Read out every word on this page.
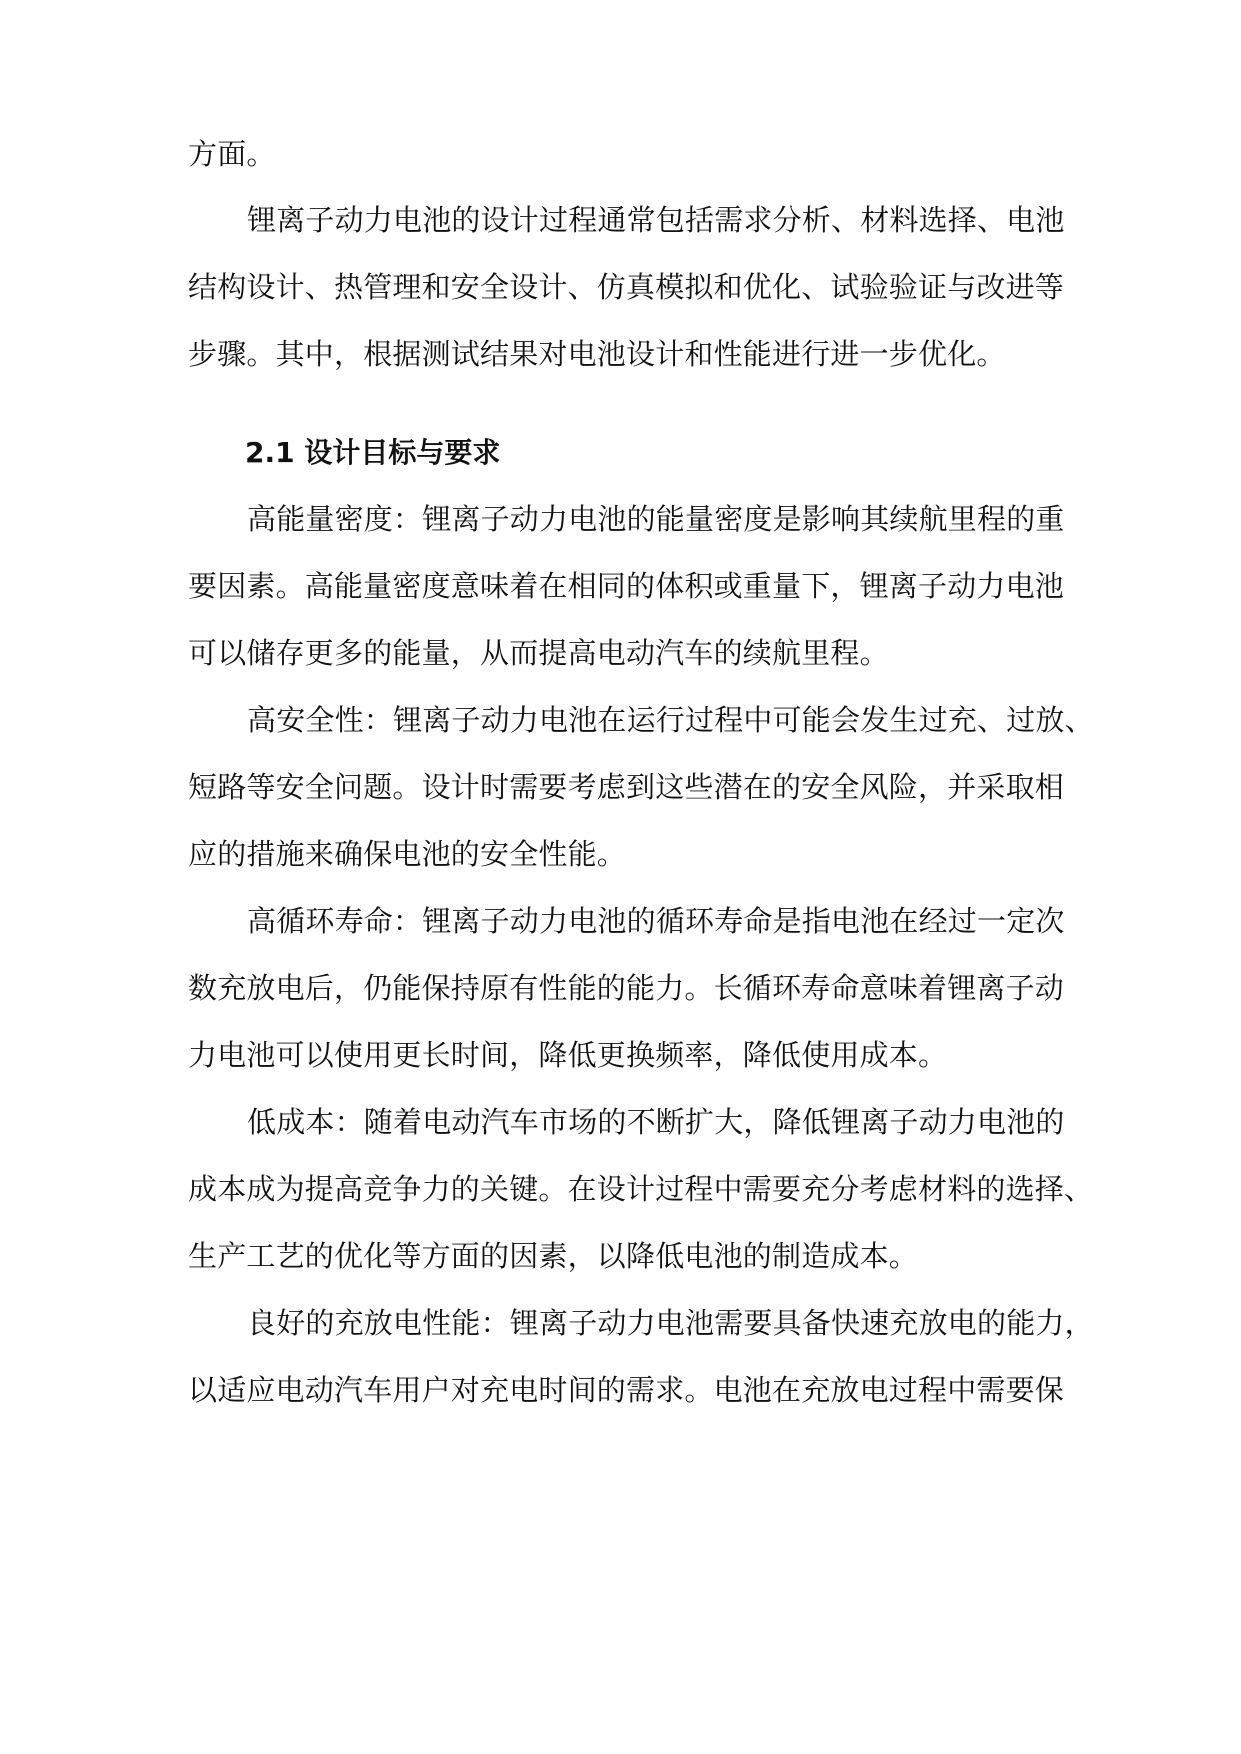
方面。
锂离子动力电池的设计过程通常包括需求分析、材料选择、电池
结构设计、热管理和安全设计、仿真模拟和优化、试验验证与改进等
步骤。其中，根据测试结果对电池设计和性能进行进一步优化。
2.1 设计目标与要求
高能量密度：锂离子动力电池的能量密度是影响其续航里程的重
要因素。高能量密度意味着在相同的体积或重量下，锂离子动力电池
可以储存更多的能量，从而提高电动汽车的续航里程。
高安全性：锂离子动力电池在运行过程中可能会发生过充、过放、
短路等安全问题。设计时需要考虑到这些潜在的安全风险，并采取相
应的措施来确保电池的安全性能。
高循环寿命：锂离子动力电池的循环寿命是指电池在经过一定次
数充放电后，仍能保持原有性能的能力。长循环寿命意味着锂离子动
力电池可以使用更长时间，降低更换频率，降低使用成本。
低成本：随着电动汽车市场的不断扩大，降低锂离子动力电池的
成本成为提高竞争力的关键。在设计过程中需要充分考虑材料的选择、
生产工艺的优化等方面的因素，以降低电池的制造成本。
良好的充放电性能：锂离子动力电池需要具备快速充放电的能力，
以适应电动汽车用户对充电时间的需求。电池在充放电过程中需要保
